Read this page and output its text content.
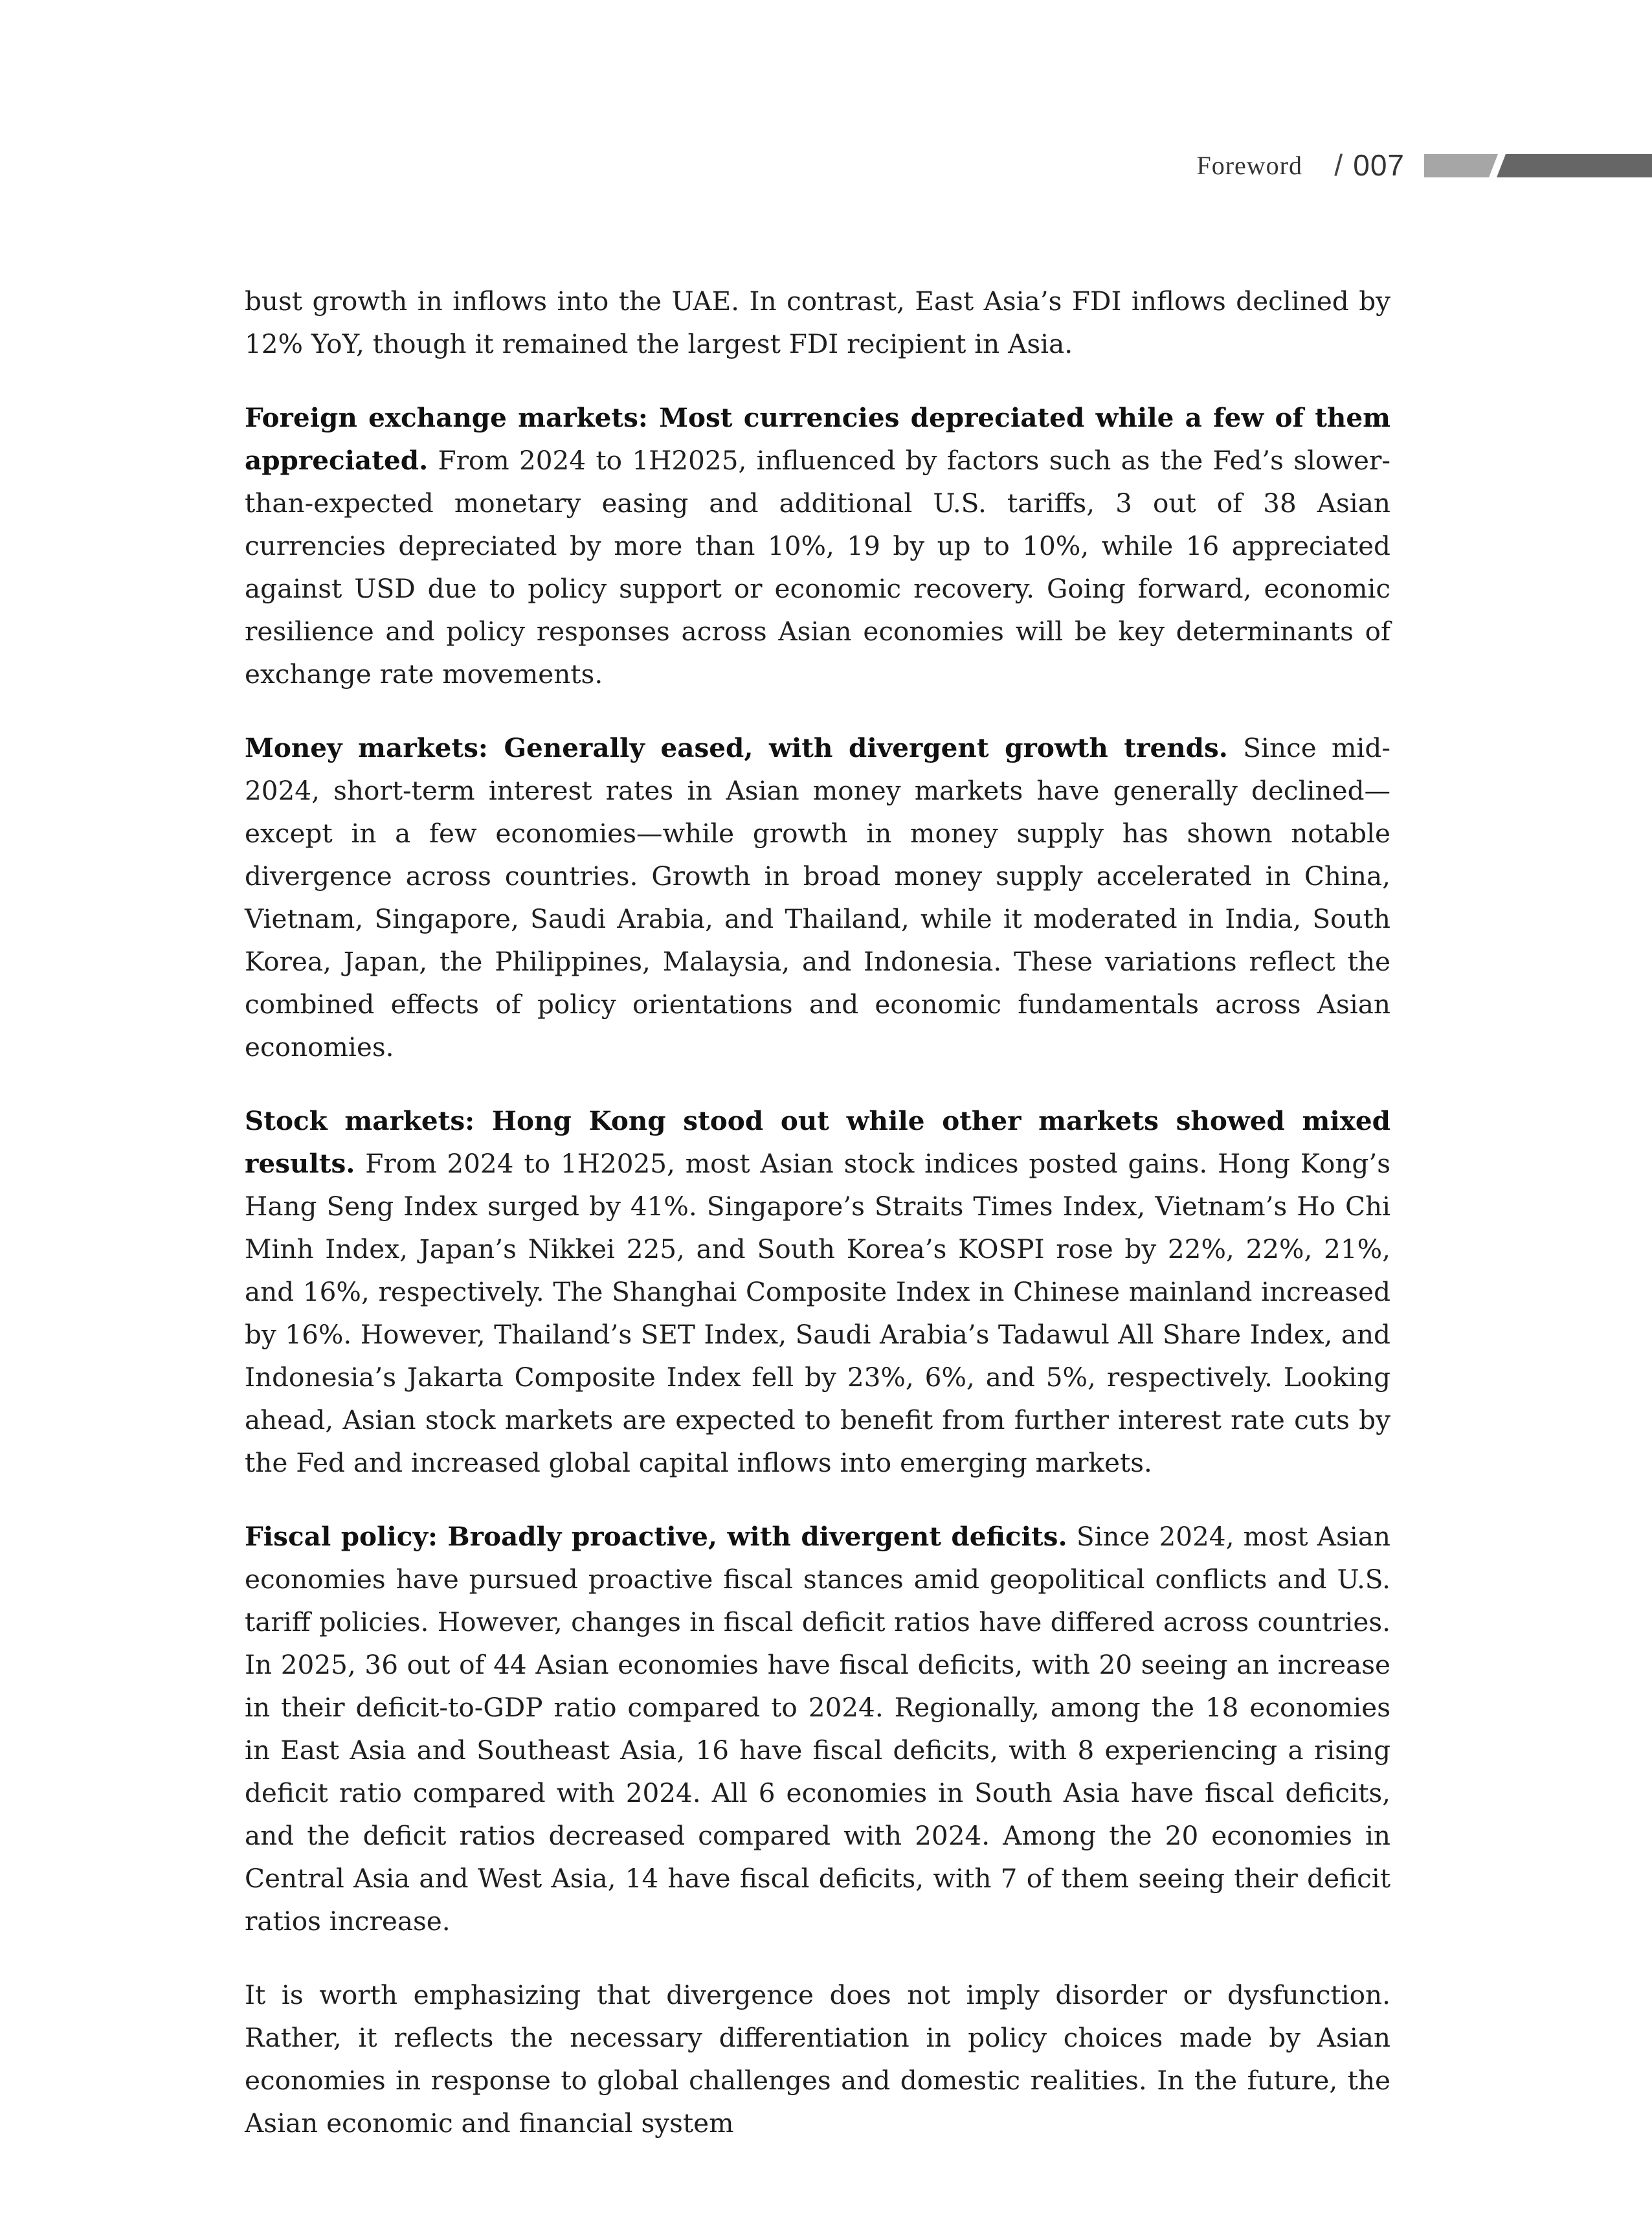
Foreword / 007

bust growth in inflows into the UAE. In contrast, East Asia’s FDI inflows declined by 12% YoY, though it remained the largest FDI recipient in Asia.

Foreign exchange markets: Most currencies depreciated while a few of them appreciated. From 2024 to 1H2025, influenced by factors such as the Fed’s slower-than-expected monetary easing and additional U.S. tariffs, 3 out of 38 Asian currencies depreciated by more than 10%, 19 by up to 10%, while 16 appreciated against USD due to policy support or economic recovery. Going forward, economic resilience and policy responses across Asian economies will be key determinants of exchange rate movements.

Money markets: Generally eased, with divergent growth trends. Since mid-2024, short-term interest rates in Asian money markets have generally declined—except in a few economies—while growth in money supply has shown notable divergence across countries. Growth in broad money supply accelerated in China, Vietnam, Singapore, Saudi Arabia, and Thailand, while it moderated in India, South Korea, Japan, the Philippines, Malaysia, and Indonesia. These variations reflect the combined effects of policy orientations and economic fundamentals across Asian economies.

Stock markets: Hong Kong stood out while other markets showed mixed results. From 2024 to 1H2025, most Asian stock indices posted gains. Hong Kong’s Hang Seng Index surged by 41%. Singapore’s Straits Times Index, Vietnam’s Ho Chi Minh Index, Japan’s Nikkei 225, and South Korea’s KOSPI rose by 22%, 22%, 21%, and 16%, respectively. The Shanghai Composite Index in Chinese mainland increased by 16%. However, Thailand’s SET Index, Saudi Arabia’s Tadawul All Share Index, and Indonesia’s Jakarta Composite Index fell by 23%, 6%, and 5%, respectively. Looking ahead, Asian stock markets are expected to benefit from further interest rate cuts by the Fed and increased global capital inflows into emerging markets.

Fiscal policy: Broadly proactive, with divergent deficits. Since 2024, most Asian economies have pursued proactive fiscal stances amid geopolitical conflicts and U.S. tariff policies. However, changes in fiscal deficit ratios have differed across countries. In 2025, 36 out of 44 Asian economies have fiscal deficits, with 20 seeing an increase in their deficit-to-GDP ratio compared to 2024. Regionally, among the 18 economies in East Asia and Southeast Asia, 16 have fiscal deficits, with 8 experiencing a rising deficit ratio compared with 2024. All 6 economies in South Asia have fiscal deficits, and the deficit ratios decreased compared with 2024. Among the 20 economies in Central Asia and West Asia, 14 have fiscal deficits, with 7 of them seeing their deficit ratios increase.

It is worth emphasizing that divergence does not imply disorder or dysfunction. Rather, it reflects the necessary differentiation in policy choices made by Asian economies in response to global challenges and domestic realities. In the future, the Asian economic and financial system
